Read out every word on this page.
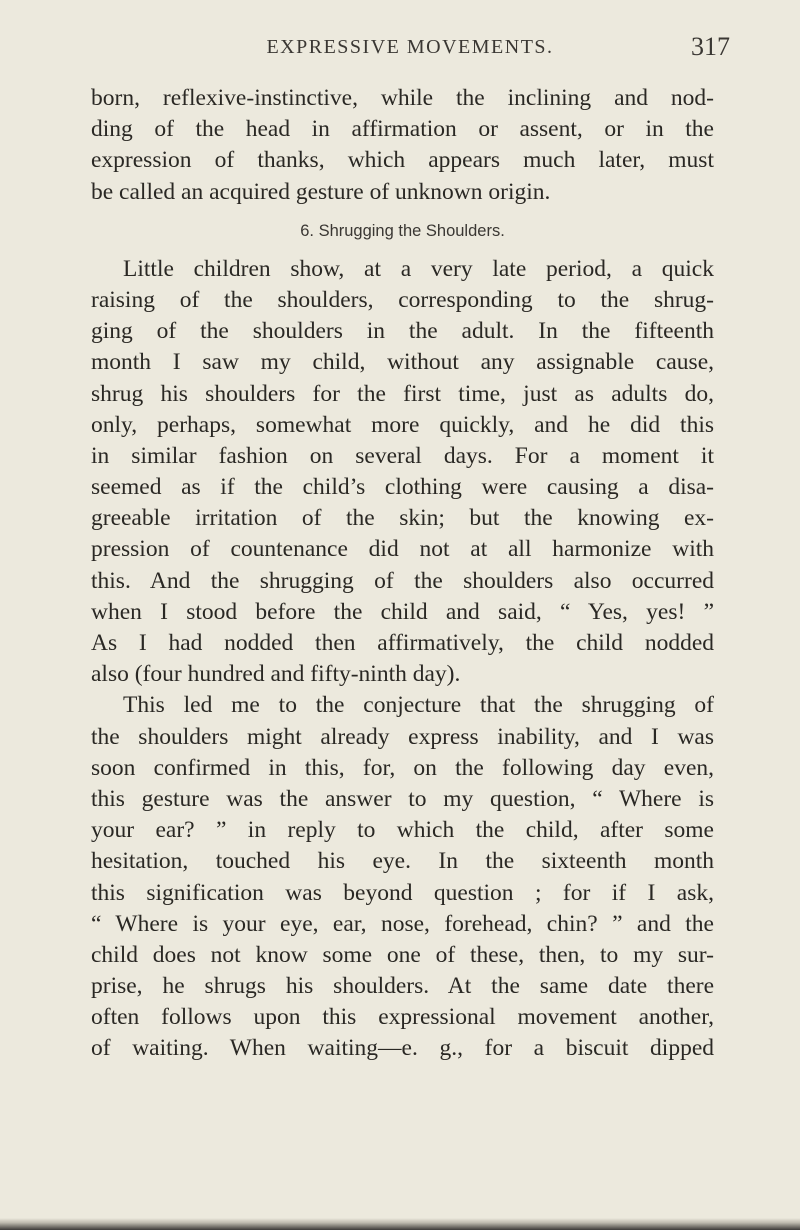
EXPRESSIVE MOVEMENTS.	317
born, reflexive-instinctive, while the inclining and nod-
ding of the head in affirmation or assent, or in the
expression of thanks, which appears much later, must
be called an acquired gesture of unknown origin.
6. Shrugging the Shoulders.
Little children show, at a very late period, a quick
raising of the shoulders, corresponding to the shrug-
ging of the shoulders in the adult. In the fifteenth
month I saw my child, without any assignable cause,
shrug his shoulders for the first time, just as adults do,
only, perhaps, somewhat more quickly, and he did this
in similar fashion on several days. For a moment it
seemed as if the child’s clothing were causing a disa-
greeable irritation of the skin; but the knowing ex-
pression of countenance did not at all harmonize with
this. And the shrugging of the shoulders also occurred
when I stood before the child and said, “ Yes, yes! ”
As I had nodded then affirmatively, the child nodded
also (four hundred and fifty-ninth day).
This led me to the conjecture that the shrugging of
the shoulders might already express inability, and I was
soon confirmed in this, for, on the following day even,
this gesture was the answer to my question, “ Where is
your ear? ” in reply to which the child, after some
hesitation, touched his eye. In the sixteenth month
this signification was beyond question ; for if I ask,
“ Where is your eye, ear, nose, forehead, chin? ” and the
child does not know some one of these, then, to my sur-
prise, he shrugs his shoulders. At the same date there
often follows upon this expressional movement another,
of waiting. When waiting—e. g., for a biscuit dipped
